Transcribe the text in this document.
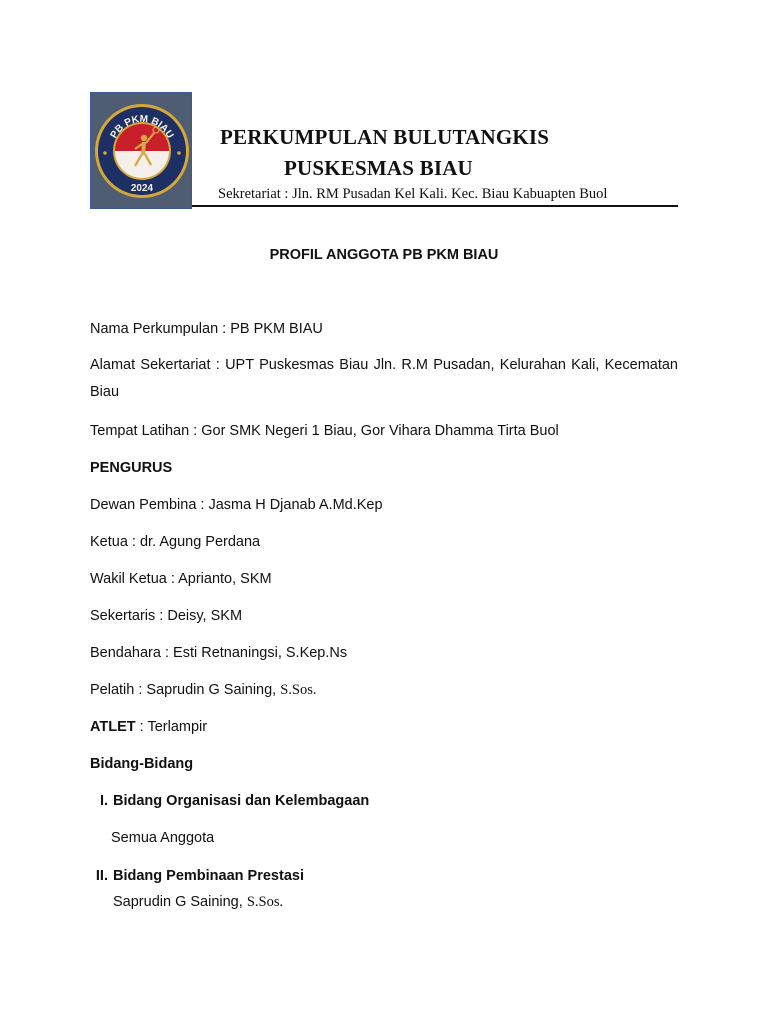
PB PKM BIAU
2024
PERKUMPULAN BULUTANGKIS
PUSKESMAS BIAU
Sekretariat : Jln. RM Pusadan Kel Kali. Kec. Biau Kabuapten Buol
PROFIL ANGGOTA PB PKM BIAU
Nama Perkumpulan : PB PKM BIAU
Alamat Sekertariat : UPT Puskesmas Biau Jln. R.M Pusadan, Kelurahan Kali, Kecematan Biau
Tempat Latihan : Gor SMK Negeri 1 Biau, Gor Vihara Dhamma Tirta Buol
PENGURUS
Dewan Pembina : Jasma H Djanab A.Md.Kep
Ketua : dr. Agung Perdana
Wakil Ketua : Aprianto, SKM
Sekertaris : Deisy, SKM
Bendahara : Esti Retnaningsi, S.Kep.Ns
Pelatih : Saprudin G Saining, S.Sos.
ATLET : Terlampir
Bidang-Bidang
I. Bidang Organisasi dan Kelembagaan
Semua Anggota
II. Bidang Pembinaan Prestasi
Saprudin G Saining, S.Sos.
